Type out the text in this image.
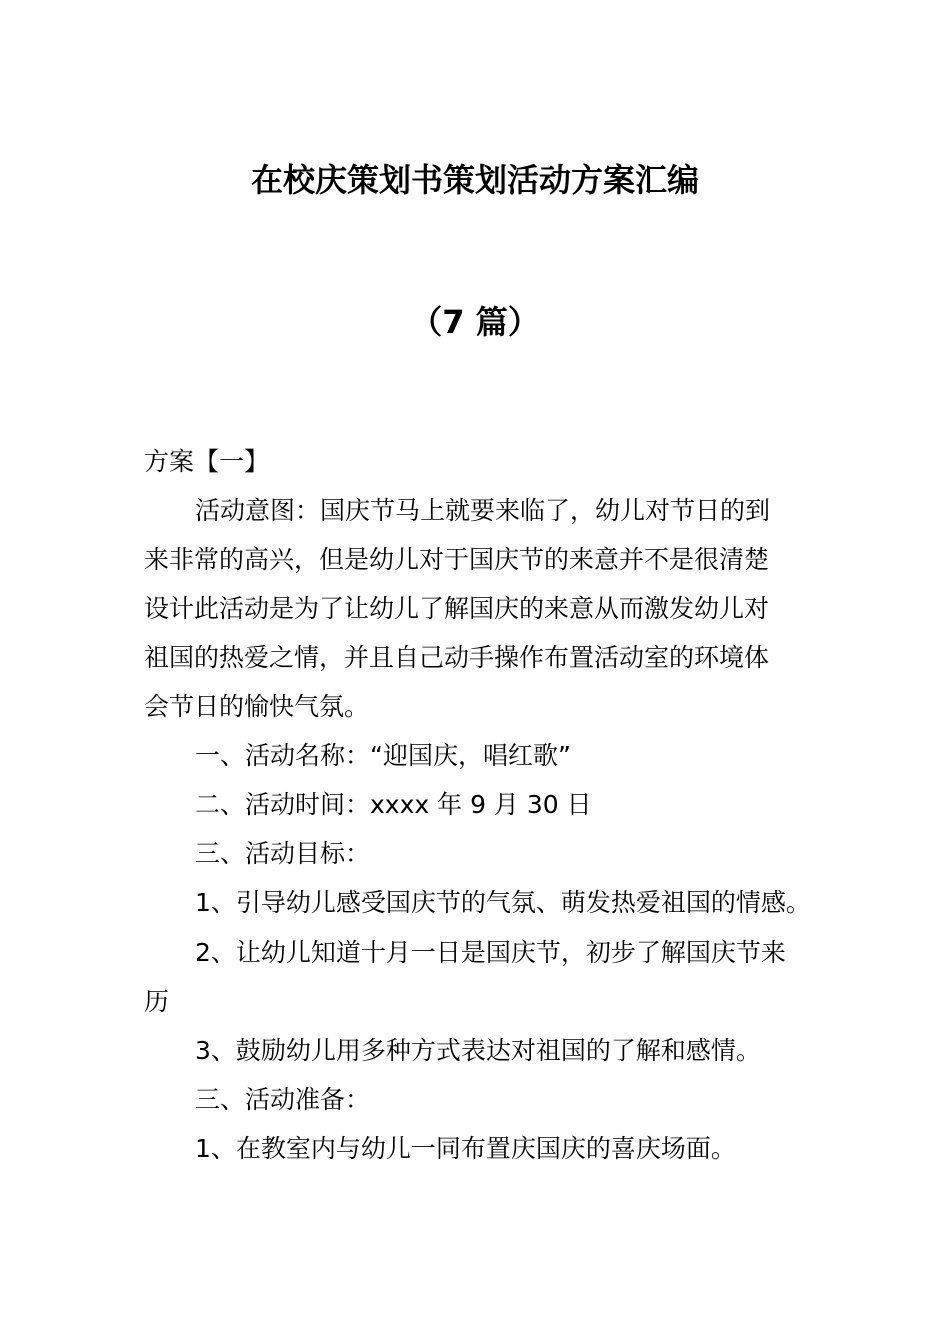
在校庆策划书策划活动方案汇编
（7 篇）
方案【一】
活动意图：国庆节马上就要来临了，幼儿对节日的到
来非常的高兴，但是幼儿对于国庆节的来意并不是很清楚
设计此活动是为了让幼儿了解国庆的来意从而激发幼儿对
祖国的热爱之情，并且自己动手操作布置活动室的环境体
会节日的愉快气氛。
一、活动名称：“迎国庆，唱红歌”
二、活动时间：xxxx 年 9 月 30 日
三、活动目标：
1、引导幼儿感受国庆节的气氛、萌发热爱祖国的情感。
2、让幼儿知道十月一日是国庆节，初步了解国庆节来
历
3、鼓励幼儿用多种方式表达对祖国的了解和感情。
三、活动准备：
1、在教室内与幼儿一同布置庆国庆的喜庆场面。
